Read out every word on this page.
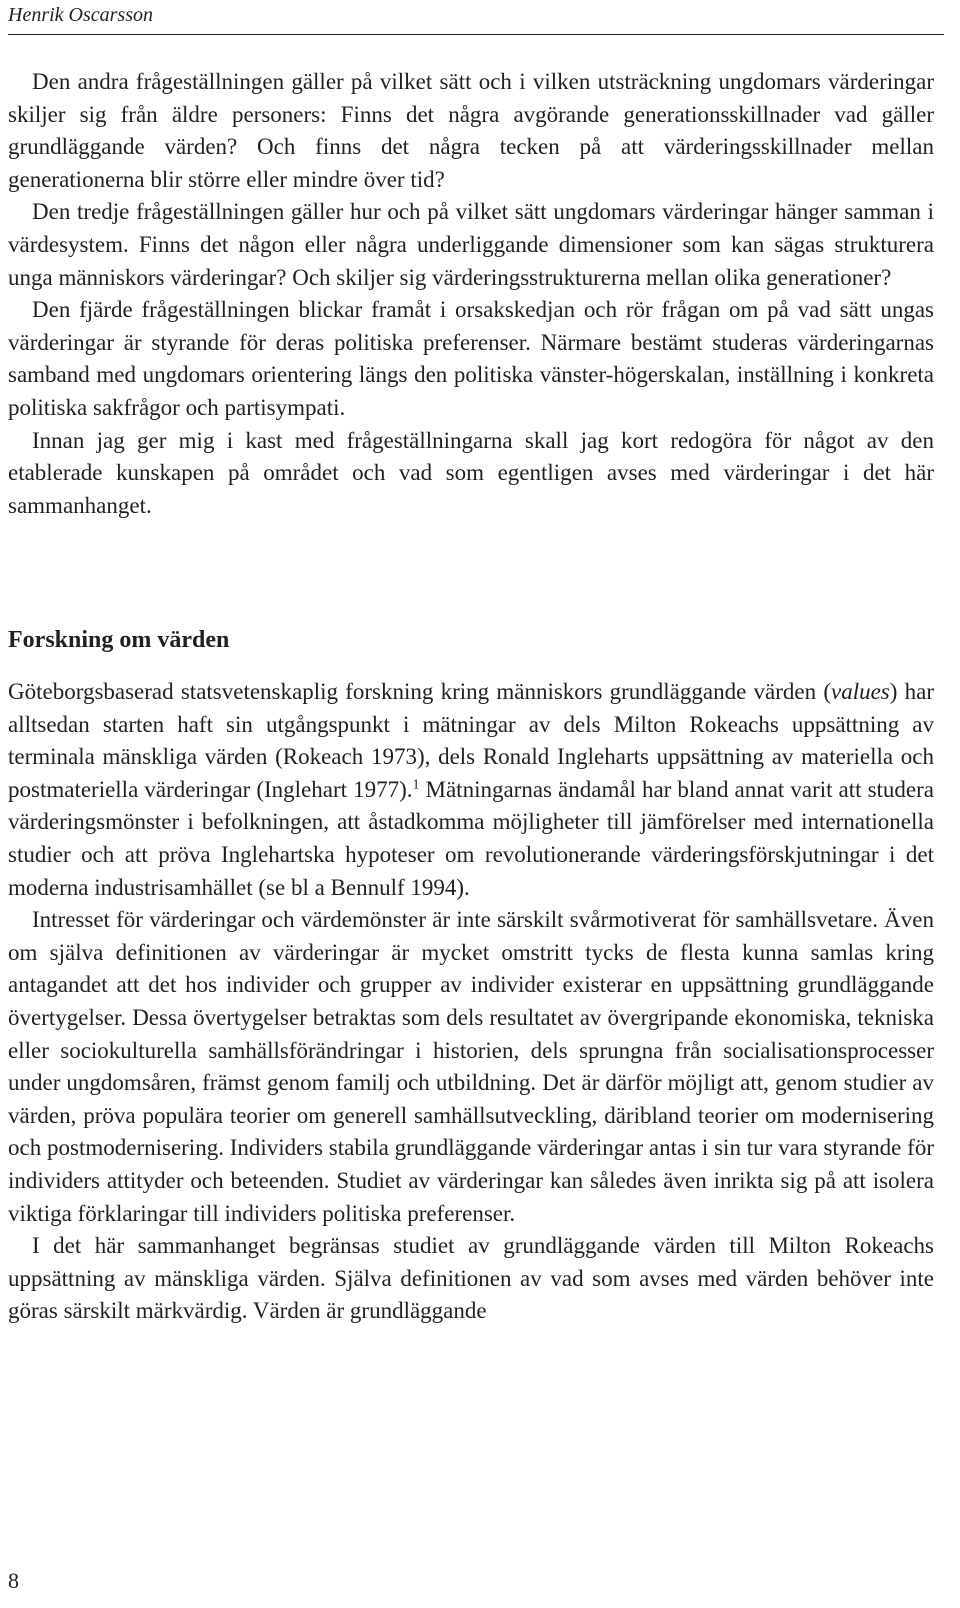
Henrik Oscarsson

Den andra frågeställningen gäller på vilket sätt och i vilken utsträckning ungdomars värderingar skiljer sig från äldre personers: Finns det några avgörande generationsskillnader vad gäller grundläggande värden? Och finns det några tecken på att värderingsskillnader mellan generationerna blir större eller mindre över tid?

Den tredje frågeställningen gäller hur och på vilket sätt ungdomars värderingar hänger samman i värdesystem. Finns det någon eller några underliggande dimensioner som kan sägas strukturera unga människors värderingar? Och skiljer sig värderingsstrukturerna mellan olika generationer?

Den fjärde frågeställningen blickar framåt i orsakskedjan och rör frågan om på vad sätt ungas värderingar är styrande för deras politiska preferenser. Närmare bestämt studeras värderingarnas samband med ungdomars orientering längs den politiska vänster-högerskalan, inställning i konkreta politiska sakfrågor och partisympati.

Innan jag ger mig i kast med frågeställningarna skall jag kort redogöra för något av den etablerade kunskapen på området och vad som egentligen avses med värderingar i det här sammanhanget.

Forskning om värden

Göteborgsbaserad statsvetenskaplig forskning kring människors grundläggande värden (values) har alltsedan starten haft sin utgångspunkt i mätningar av dels Milton Rokeachs uppsättning av terminala mänskliga värden (Rokeach 1973), dels Ronald Ingleharts uppsättning av materiella och postmateriella värderingar (Inglehart 1977).$^1$ Mätningarnas ändamål har bland annat varit att studera värderingsmönster i befolkningen, att åstadkomma möjligheter till jämförelser med internationella studier och att pröva Inglehartska hypoteser om revolutionerande värderingsförskjutningar i det moderna industrisamhället (se bl a Bennulf 1994).

Intresset för värderingar och värdemönster är inte särskilt svårmotiverat för samhällsvetare. Även om själva definitionen av värderingar är mycket omstritt tycks de flesta kunna samlas kring antagandet att det hos individer och grupper av individer existerar en uppsättning grundläggande övertygelser. Dessa övertygelser betraktas som dels resultatet av övergripande ekonomiska, tekniska eller sociokulturella samhällsförändringar i historien, dels sprungna från socialisationsprocesser under ungdomsåren, främst genom familj och utbildning. Det är därför möjligt att, genom studier av värden, pröva populära teorier om generell samhällsutveckling, däribland teorier om modernisering och postmodernisering. Individers stabila grundläggande värderingar antas i sin tur vara styrande för individers attityder och beteenden. Studiet av värderingar kan således även inrikta sig på att isolera viktiga förklaringar till individers politiska preferenser.

I det här sammanhanget begränsas studiet av grundläggande värden till Milton Rokeachs uppsättning av mänskliga värden. Själva definitionen av vad som avses med värden behöver inte göras särskilt märkvärdig. Värden är grundläggande

8
